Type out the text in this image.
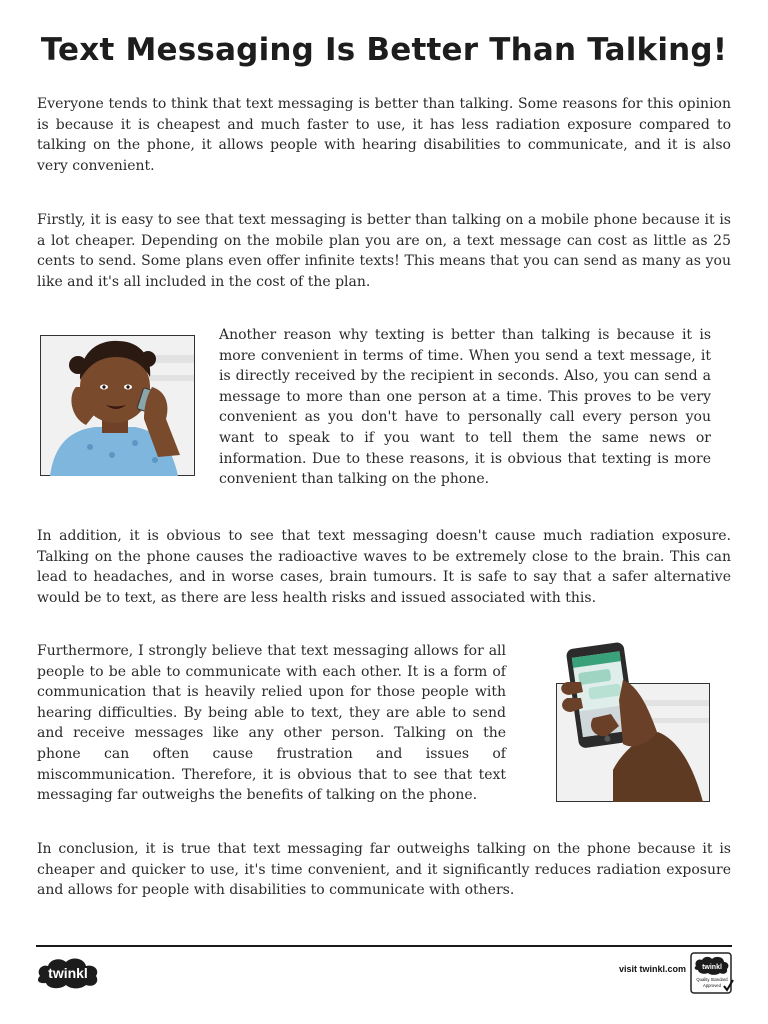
Text Messaging Is Better Than Talking!

Everyone tends to think that text messaging is better than talking. Some reasons for this opinion is because it is cheapest and much faster to use, it has less radiation exposure compared to talking on the phone, it allows people with hearing disabilities to communicate, and it is also very convenient.

Firstly, it is easy to see that text messaging is better than talking on a mobile phone because it is a lot cheaper. Depending on the mobile plan you are on, a text message can cost as little as 25 cents to send. Some plans even offer infinite texts! This means that you can send as many as you like and it's all included in the cost of the plan.

Another reason why texting is better than talking is because it is more convenient in terms of time. When you send a text message, it is directly received by the recipient in seconds. Also, you can send a message to more than one person at a time. This proves to be very convenient as you don't have to personally call every person you want to speak to if you want to tell them the same news or information. Due to these reasons, it is obvious that texting is more convenient than talking on the phone.

In addition, it is obvious to see that text messaging doesn't cause much radiation exposure. Talking on the phone causes the radioactive waves to be extremely close to the brain. This can lead to headaches, and in worse cases, brain tumours. It is safe to say that a safer alternative would be to text, as there are less health risks and issued associated with this.

Furthermore, I strongly believe that text messaging allows for all people to be able to communicate with each other. It is a form of communication that is heavily relied upon for those people with hearing difficulties. By being able to text, they are able to send and receive messages like any other person. Talking on the phone can often cause frustration and issues of miscommunication. Therefore, it is obvious that to see that text messaging far outweighs the benefits of talking on the phone.

In conclusion, it is true that text messaging far outweighs talking on the phone because it is cheaper and quicker to use, it's time convenient, and it significantly reduces radiation exposure and allows for people with disabilities to communicate with others.

twinkl	visit twinkl.com twinkl
Quality Standard
Approved
